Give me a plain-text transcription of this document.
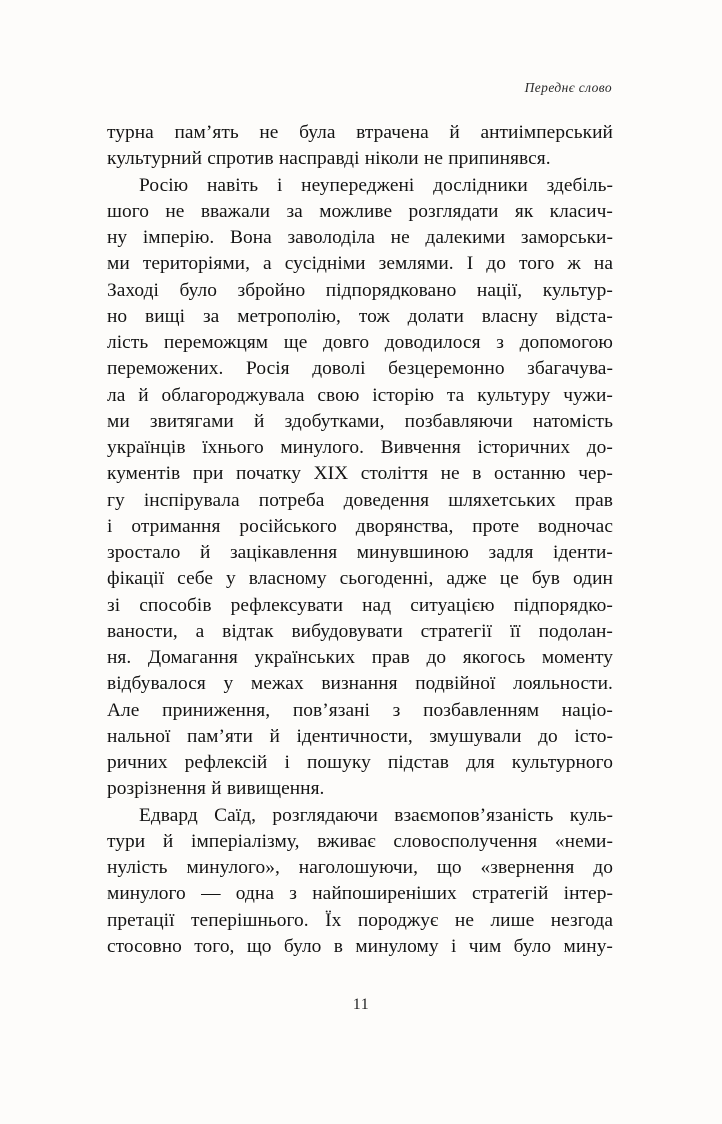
Переднє слово
турна пам’ять не була втрачена й антиімперський
культурний спротив насправді ніколи не припинявся.
Росію навіть і неупереджені дослідники здебіль-
шого не вважали за можливе розглядати як класич-
ну імперію. Вона заволоділа не далекими заморськи-
ми територіями, а сусідніми землями. І до того ж на
Заході було збройно підпорядковано нації, культур-
но вищі за метрополію, тож долати власну відста-
лість переможцям ще довго доводилося з допомогою
переможених. Росія доволі безцеремонно збагачува-
ла й облагороджувала свою історію та культуру чужи-
ми звитягами й здобутками, позбавляючи натомість
українців їхнього минулого. Вивчення історичних до-
кументів при початку XIX століття не в останню чер-
гу інспірувала потреба доведення шляхетських прав
і отримання російського дворянства, проте водночас
зростало й зацікавлення минувшиною задля іденти-
фікації себе у власному сьогоденні, адже це був один
зі способів рефлексувати над ситуацією підпорядко-
ваности, а відтак вибудовувати стратегії її подолан-
ня. Домагання українських прав до якогось моменту
відбувалося у межах визнання подвійної лояльности.
Але приниження, пов’язані з позбавленням націо-
нальної пам’яти й ідентичности, змушували до істо-
ричних рефлексій і пошуку підстав для культурного
розрізнення й вивищення.
Едвард Саїд, розглядаючи взаємопов’язаність куль-
тури й імперіалізму, вживає словосполучення «неми-
нулість минулого», наголошуючи, що «звернення до
минулого — одна з найпоширеніших стратегій інтер-
претації теперішнього. Їх породжує не лише незгода
стосовно того, що було в минулому і чим було мину-
11
